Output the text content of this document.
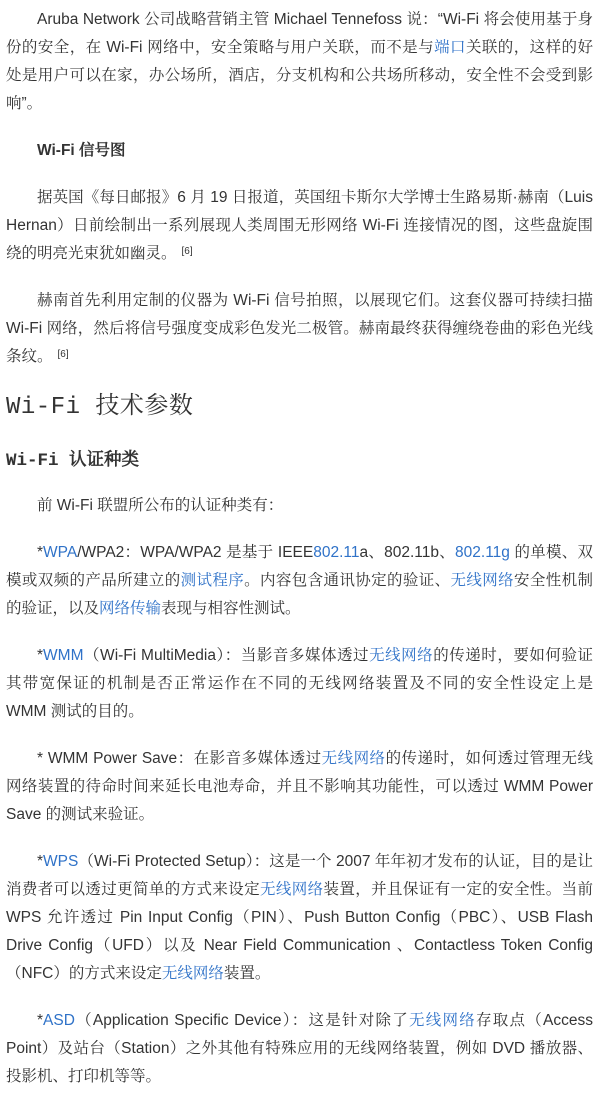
Aruba Network 公司战略营销主管 Michael Tennefoss 说：“Wi-Fi 将会使用基于身份的安全，在 Wi-Fi 网络中，安全策略与用户关联，而不是与端口关联的，这样的好处是用户可以在家，办公场所，酒店，分支机构和公共场所移动，安全性不会受到影响”。

Wi-Fi 信号图

据英国《每日邮报》6 月 19 日报道，英国纽卡斯尔大学博士生路易斯·赫南（Luis Hernan）日前绘制出一系列展现人类周围无形网络 Wi-Fi 连接情况的图，这些盘旋围绕的明亮光束犹如幽灵。 [6]

赫南首先利用定制的仪器为 Wi-Fi 信号拍照，以展现它们。这套仪器可持续扫描 Wi-Fi 网络，然后将信号强度变成彩色发光二极管。赫南最终获得缠绕卷曲的彩色光线条纹。 [6]

Wi-Fi 技术参数
Wi-Fi 认证种类

前 Wi-Fi 联盟所公布的认证种类有：

*WPA/WPA2：WPA/WPA2 是基于 IEEE802.11a、802.11b、802.11g 的单模、双模或双频的产品所建立的测试程序。内容包含通讯协定的验证、无线网络安全性机制的验证，以及网络传输表现与相容性测试。

*WMM（Wi-Fi MultiMedia）：当影音多媒体透过无线网络的传递时，要如何验证其带宽保证的机制是否正常运作在不同的无线网络装置及不同的安全性设定上是 WMM 测试的目的。

* WMM Power Save：在影音多媒体透过无线网络的传递时，如何透过管理无线网络装置的待命时间来延长电池寿命，并且不影响其功能性，可以透过 WMM Power Save 的测试来验证。

*WPS（Wi-Fi Protected Setup）：这是一个 2007 年年初才发布的认证，目的是让消费者可以透过更简单的方式来设定无线网络装置，并且保证有一定的安全性。当前 WPS 允许透过 Pin Input Config（PIN）、Push Button Config（PBC）、USB Flash Drive Config（UFD）以及 Near Field Communication 、Contactless Token Config（NFC）的方式来设定无线网络装置。

*ASD（Application Specific Device）：这是针对除了无线网络存取点（Access Point）及站台（Station）之外其他有特殊应用的无线网络装置，例如 DVD 播放器、投影机、打印机等等。
